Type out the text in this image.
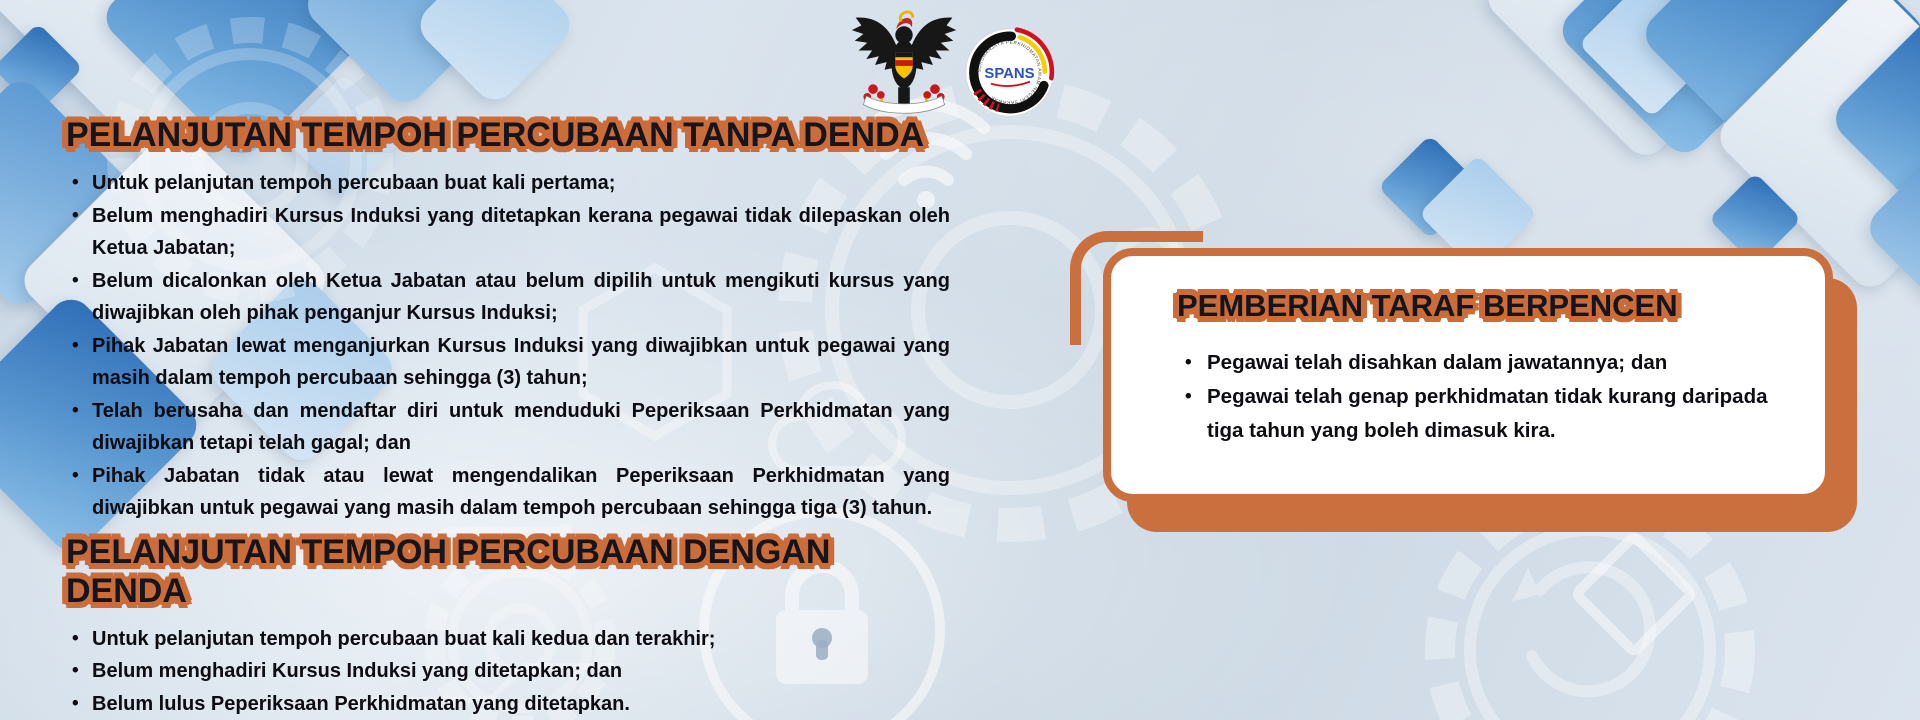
SURUHANJAYA PERKHIDMATAN AWAM NEGERI SARAWAK
SPANS
PELANJUTAN TEMPOH PERCUBAAN TANPA DENDA
• Untuk pelanjutan tempoh percubaan buat kali pertama;
• Belum menghadiri Kursus Induksi yang ditetapkan kerana pegawai tidak dilepaskan oleh Ketua Jabatan;
• Belum dicalonkan oleh Ketua Jabatan atau belum dipilih untuk mengikuti kursus yang diwajibkan oleh pihak penganjur Kursus Induksi;
• Pihak Jabatan lewat menganjurkan Kursus Induksi yang diwajibkan untuk pegawai yang masih dalam tempoh percubaan sehingga (3) tahun;
• Telah berusaha dan mendaftar diri untuk menduduki Peperiksaan Perkhidmatan yang diwajibkan tetapi telah gagal; dan
• Pihak Jabatan tidak atau lewat mengendalikan Peperiksaan Perkhidmatan yang diwajibkan untuk pegawai yang masih dalam tempoh percubaan sehingga tiga (3) tahun.
PELANJUTAN TEMPOH PERCUBAAN DENGAN DENDA
• Untuk pelanjutan tempoh percubaan buat kali kedua dan terakhir;
• Belum menghadiri Kursus Induksi yang ditetapkan; dan
• Belum lulus Peperiksaan Perkhidmatan yang ditetapkan.
PEMBERIAN TARAF BERPENCEN
• Pegawai telah disahkan dalam jawatannya; dan
• Pegawai telah genap perkhidmatan tidak kurang daripada tiga tahun yang boleh dimasuk kira.
